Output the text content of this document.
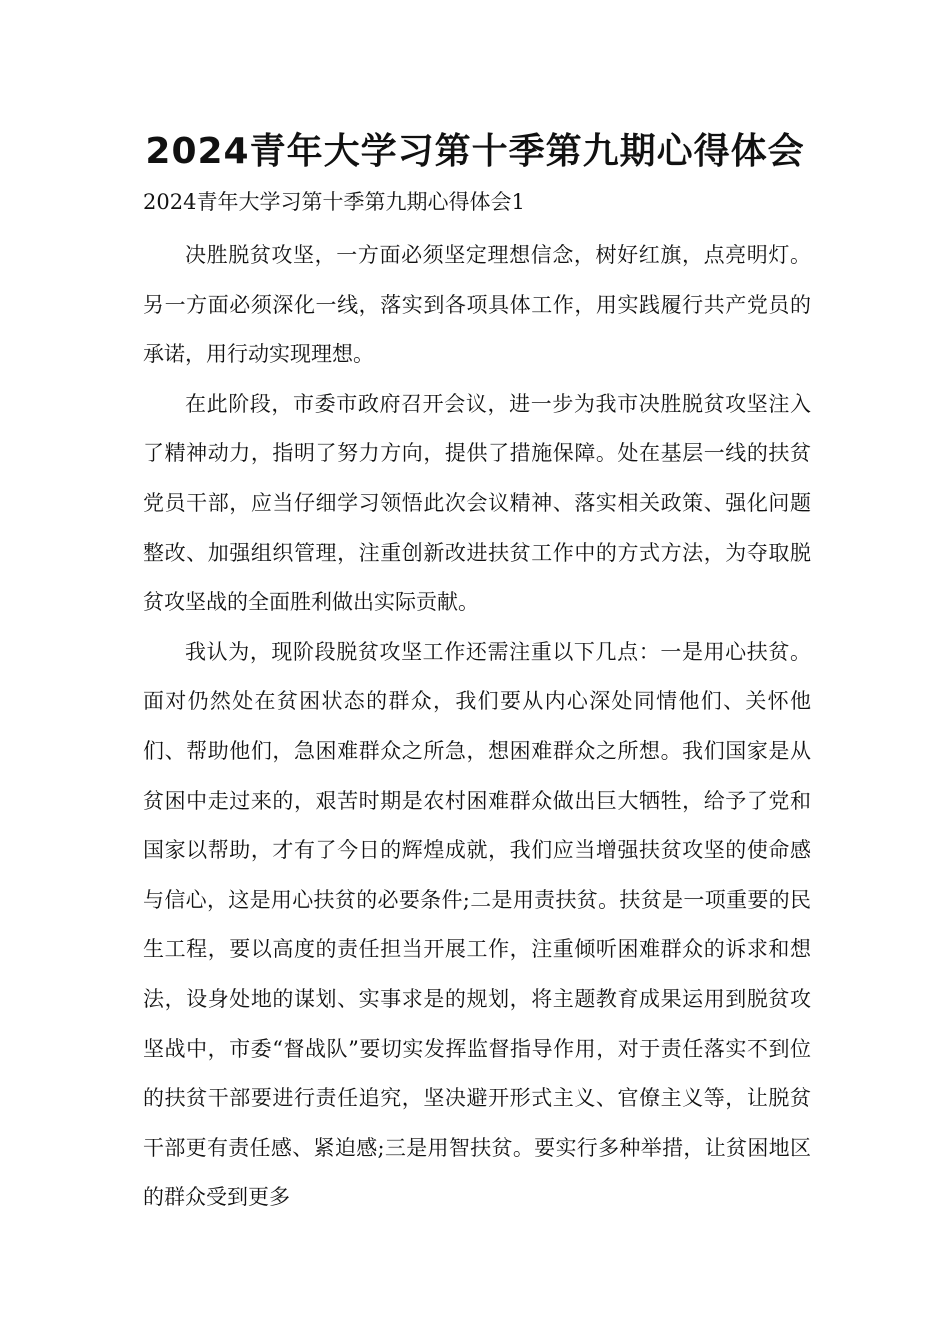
2024青年大学习第十季第九期心得体会
2024青年大学习第十季第九期心得体会1

决胜脱贫攻坚，一方面必须坚定理想信念，树好红旗，点亮明灯。另一方面必须深化一线，落实到各项具体工作，用实践履行共产党员的承诺，用行动实现理想。

在此阶段，市委市政府召开会议，进一步为我市决胜脱贫攻坚注入了精神动力，指明了努力方向，提供了措施保障。处在基层一线的扶贫党员干部，应当仔细学习领悟此次会议精神、落实相关政策、强化问题整改、加强组织管理，注重创新改进扶贫工作中的方式方法，为夺取脱贫攻坚战的全面胜利做出实际贡献。

我认为，现阶段脱贫攻坚工作还需注重以下几点：一是用心扶贫。面对仍然处在贫困状态的群众，我们要从内心深处同情他们、关怀他们、帮助他们，急困难群众之所急，想困难群众之所想。我们国家是从贫困中走过来的，艰苦时期是农村困难群众做出巨大牺牲，给予了党和国家以帮助，才有了今日的辉煌成就，我们应当增强扶贫攻坚的使命感与信心，这是用心扶贫的必要条件;二是用责扶贫。扶贫是一项重要的民生工程，要以高度的责任担当开展工作，注重倾听困难群众的诉求和想法，设身处地的谋划、实事求是的规划，将主题教育成果运用到脱贫攻坚战中，市委“督战队”要切实发挥监督指导作用，对于责任落实不到位的扶贫干部要进行责任追究，坚决避开形式主义、官僚主义等，让脱贫干部更有责任感、紧迫感;三是用智扶贫。要实行多种举措，让贫困地区的群众受到更多
